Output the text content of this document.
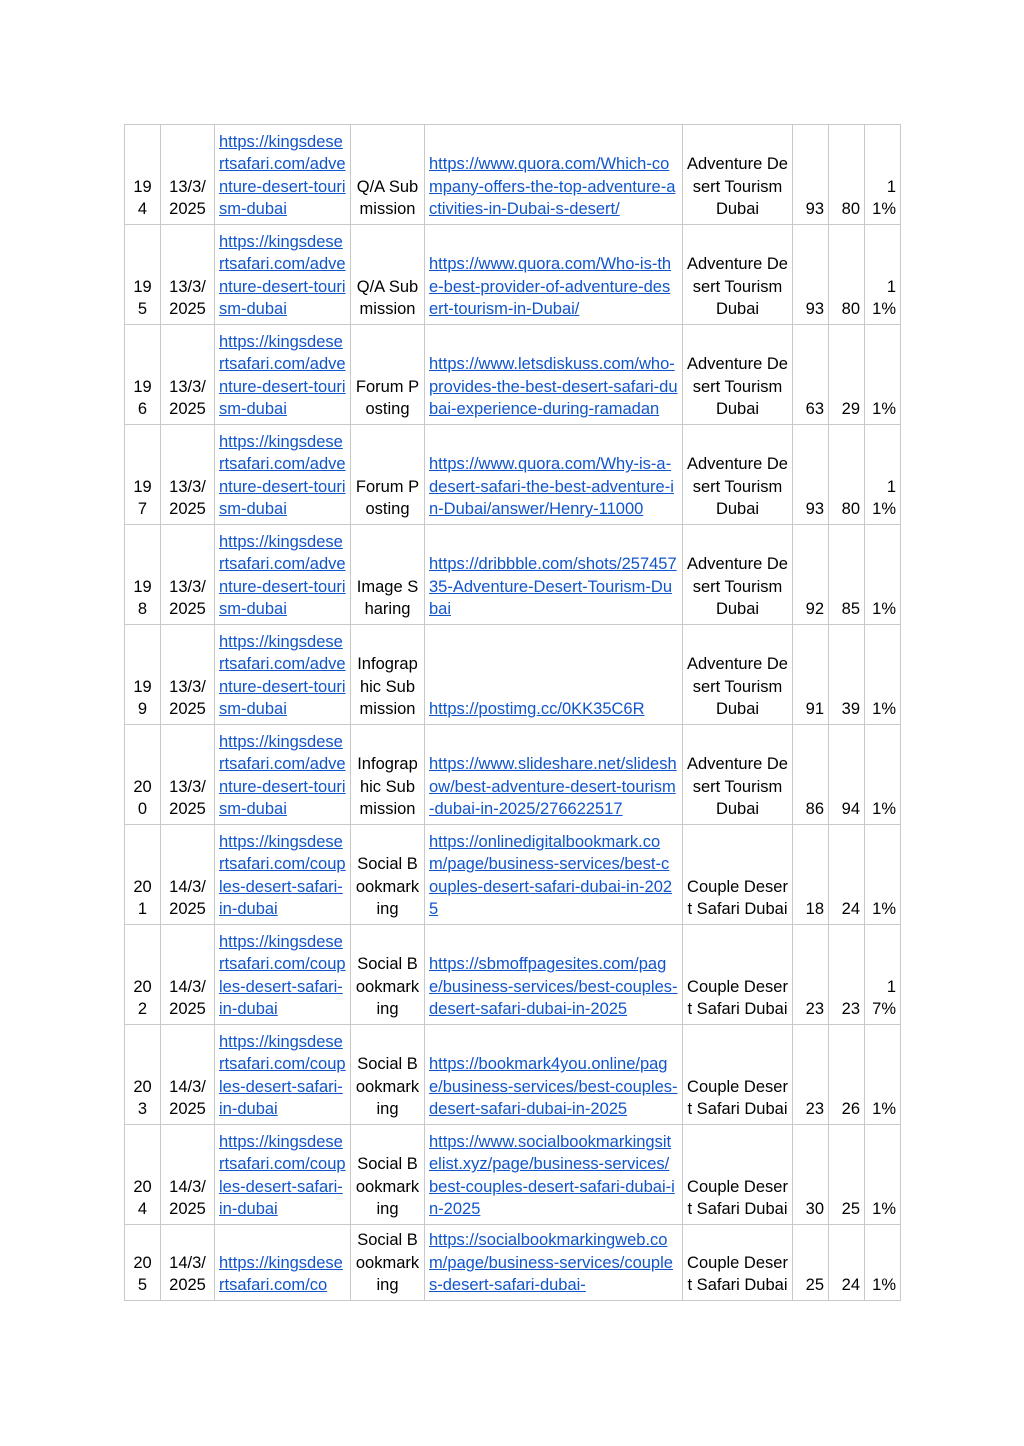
194	13/3/2025	https://kingsdesertsafari.com/adventure-desert-tourism-dubai	Q/A Submission	https://www.quora.com/Which-company-offers-the-top-adventure-activities-in-Dubai-s-desert/	Adventure Desert Tourism Dubai	93	80	11%
195	13/3/2025	https://kingsdesertsafari.com/adventure-desert-tourism-dubai	Q/A Submission	https://www.quora.com/Who-is-the-best-provider-of-adventure-desert-tourism-in-Dubai/	Adventure Desert Tourism Dubai	93	80	11%
196	13/3/2025	https://kingsdesertsafari.com/adventure-desert-tourism-dubai	Forum Posting	https://www.letsdiskuss.com/who-provides-the-best-desert-safari-dubai-experience-during-ramadan	Adventure Desert Tourism Dubai	63	29	1%
197	13/3/2025	https://kingsdesertsafari.com/adventure-desert-tourism-dubai	Forum Posting	https://www.quora.com/Why-is-a-desert-safari-the-best-adventure-in-Dubai/answer/Henry-11000	Adventure Desert Tourism Dubai	93	80	11%
198	13/3/2025	https://kingsdesertsafari.com/adventure-desert-tourism-dubai	Image Sharing	https://dribbble.com/shots/25745735-Adventure-Desert-Tourism-Dubai	Adventure Desert Tourism Dubai	92	85	1%
199	13/3/2025	https://kingsdesertsafari.com/adventure-desert-tourism-dubai	Infographic Submission	https://postimg.cc/0KK35C6R	Adventure Desert Tourism Dubai	91	39	1%
200	13/3/2025	https://kingsdesertsafari.com/adventure-desert-tourism-dubai	Infographic Submission	https://www.slideshare.net/slideshow/best-adventure-desert-tourism-dubai-in-2025/276622517	Adventure Desert Tourism Dubai	86	94	1%
201	14/3/2025	https://kingsdesertsafari.com/couples-desert-safari-in-dubai	Social Bookmarking	https://onlinedigitalbookmark.com/page/business-services/best-couples-desert-safari-dubai-in-2025	Couple Desert Safari Dubai	18	24	1%
202	14/3/2025	https://kingsdesertsafari.com/couples-desert-safari-in-dubai	Social Bookmarking	https://sbmoffpagesites.com/page/business-services/best-couples-desert-safari-dubai-in-2025	Couple Desert Safari Dubai	23	23	17%
203	14/3/2025	https://kingsdesertsafari.com/couples-desert-safari-in-dubai	Social Bookmarking	https://bookmark4you.online/page/business-services/best-couples-desert-safari-dubai-in-2025	Couple Desert Safari Dubai	23	26	1%
204	14/3/2025	https://kingsdesertsafari.com/couples-desert-safari-in-dubai	Social Bookmarking	https://www.socialbookmarkingsitelist.xyz/page/business-services/best-couples-desert-safari-dubai-in-2025	Couple Desert Safari Dubai	30	25	1%
205	14/3/2025	https://kingsdesertsafari.com/co	Social Bookmarking	https://socialbookmarkingweb.com/page/business-services/couples-desert-safari-dubai-	Couple Desert Safari Dubai	25	24	1%
